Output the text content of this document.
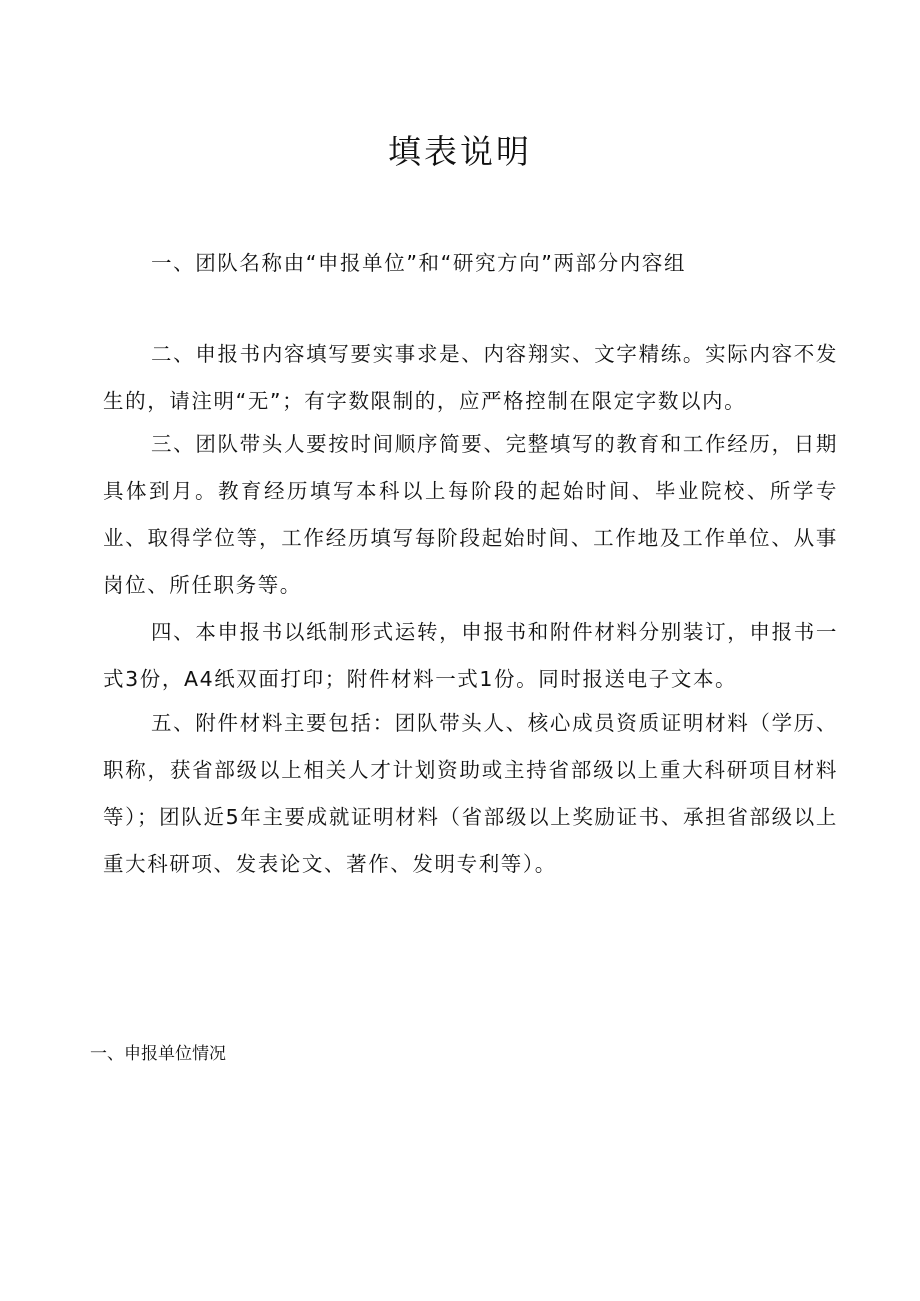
填表说明

一、团队名称由“申报单位”和“研究方向”两部分内容组

二、申报书内容填写要实事求是、内容翔实、文字精练。实际内容不发生的，请注明“无”；有字数限制的，应严格控制在限定字数以内。

三、团队带头人要按时间顺序简要、完整填写的教育和工作经历，日期具体到月。教育经历填写本科以上每阶段的起始时间、毕业院校、所学专业、取得学位等，工作经历填写每阶段起始时间、工作地及工作单位、从事岗位、所任职务等。

四、本申报书以纸制形式运转，申报书和附件材料分别装订，申报书一式3份，A4纸双面打印；附件材料一式1份。同时报送电子文本。

五、附件材料主要包括：团队带头人、核心成员资质证明材料（学历、职称，获省部级以上相关人才计划资助或主持省部级以上重大科研项目材料等）；团队近5年主要成就证明材料（省部级以上奖励证书、承担省部级以上重大科研项、发表论文、著作、发明专利等）。

一、申报单位情况
